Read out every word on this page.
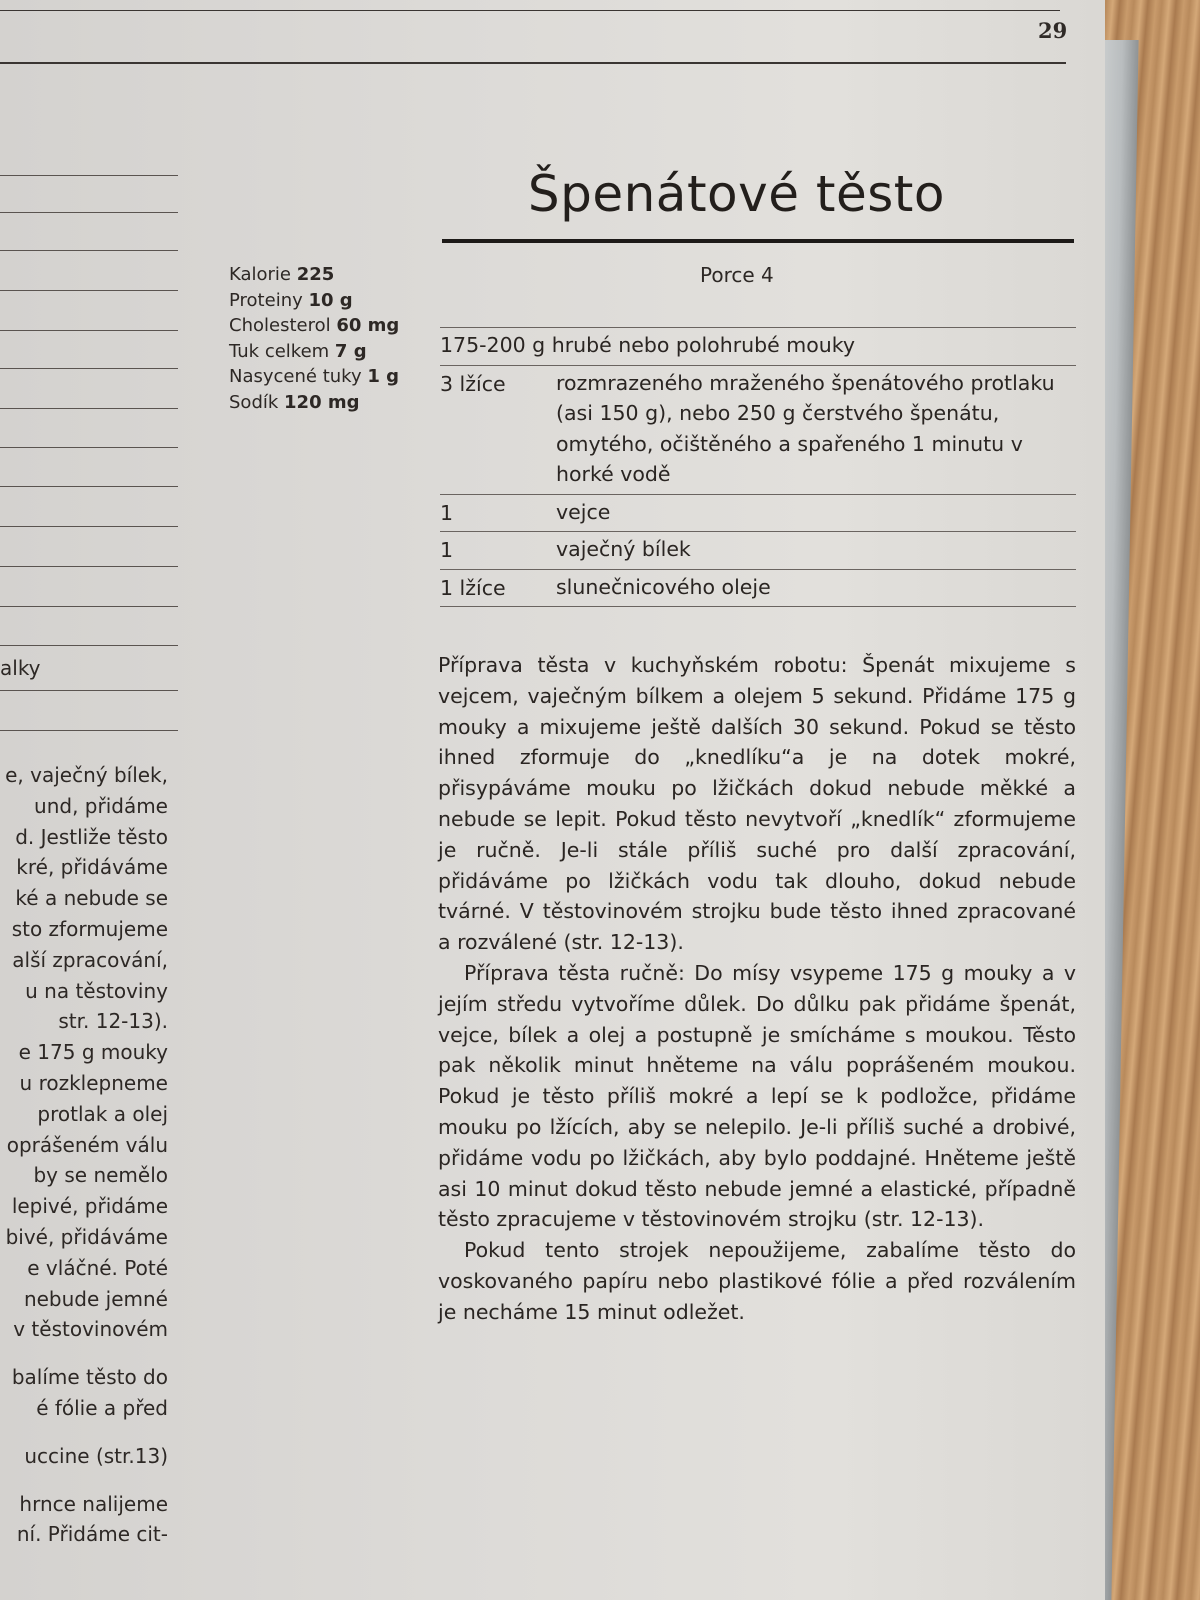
29
alky
e, vaječný bílek,
und, přidáme
d. Jestliže těsto
kré, přidáváme
ké a nebude se
sto zformujeme
alší zpracování,
u na těstoviny
str. 12-13).
e 175 g mouky
u rozklepneme
protlak a olej
oprášeném válu
by se nemělo
lepivé, přidáme
bivé, přidáváme
e vláčné. Poté
nebude jemné
v těstovinovém
balíme těsto do
é fólie a před
uccine (str.13)
hrnce nalijeme
ní. Přidáme cit-
Špenátové těsto
Kalorie 225
Proteiny 10 g
Cholesterol 60 mg
Tuk celkem 7 g
Nasycené tuky 1 g
Sodík 120 mg
Porce 4
175-200 g hrubé nebo polohrubé mouky
3 lžíce	rozmrazeného mraženého špenátového protlaku (asi 150 g), nebo 250 g čerstvého špenátu, omytého, očištěného a spařeného 1 minutu v horké vodě
1	vejce
1	vaječný bílek
1 lžíce	slunečnicového oleje

Příprava těsta v kuchyňském robotu: Špenát mixujeme s vejcem, vaječným bílkem a olejem 5 sekund. Přidáme 175 g mouky a mixujeme ještě dalších 30 sekund. Pokud se těsto ihned zformuje do „knedlíku“a je na dotek mokré, přisypáváme mouku po lžičkách dokud nebude měkké a nebude se lepit. Pokud těsto nevytvoří „knedlík“ zformujeme je ručně. Je-li stále příliš suché pro další zpracování, přidáváme po lžičkách vodu tak dlouho, dokud nebude tvárné. V těstovinovém strojku bude těsto ihned zpracované a rozválené (str. 12-13).

Příprava těsta ručně: Do mísy vsypeme 175 g mouky a v jejím středu vytvoříme důlek. Do důlku pak přidáme špenát, vejce, bílek a olej a postupně je smícháme s moukou. Těsto pak několik minut hněteme na válu poprášeném moukou. Pokud je těsto příliš mokré a lepí se k podložce, přidáme mouku po lžících, aby se nelepilo. Je-li příliš suché a drobivé, přidáme vodu po lžičkách, aby bylo poddajné. Hněteme ještě asi 10 minut dokud těsto nebude jemné a elastické, případně těsto zpracujeme v těstovinovém strojku (str. 12-13).

Pokud tento strojek nepoužijeme, zabalíme těsto do voskovaného papíru nebo plastikové fólie a před rozválením je necháme 15 minut odležet.
